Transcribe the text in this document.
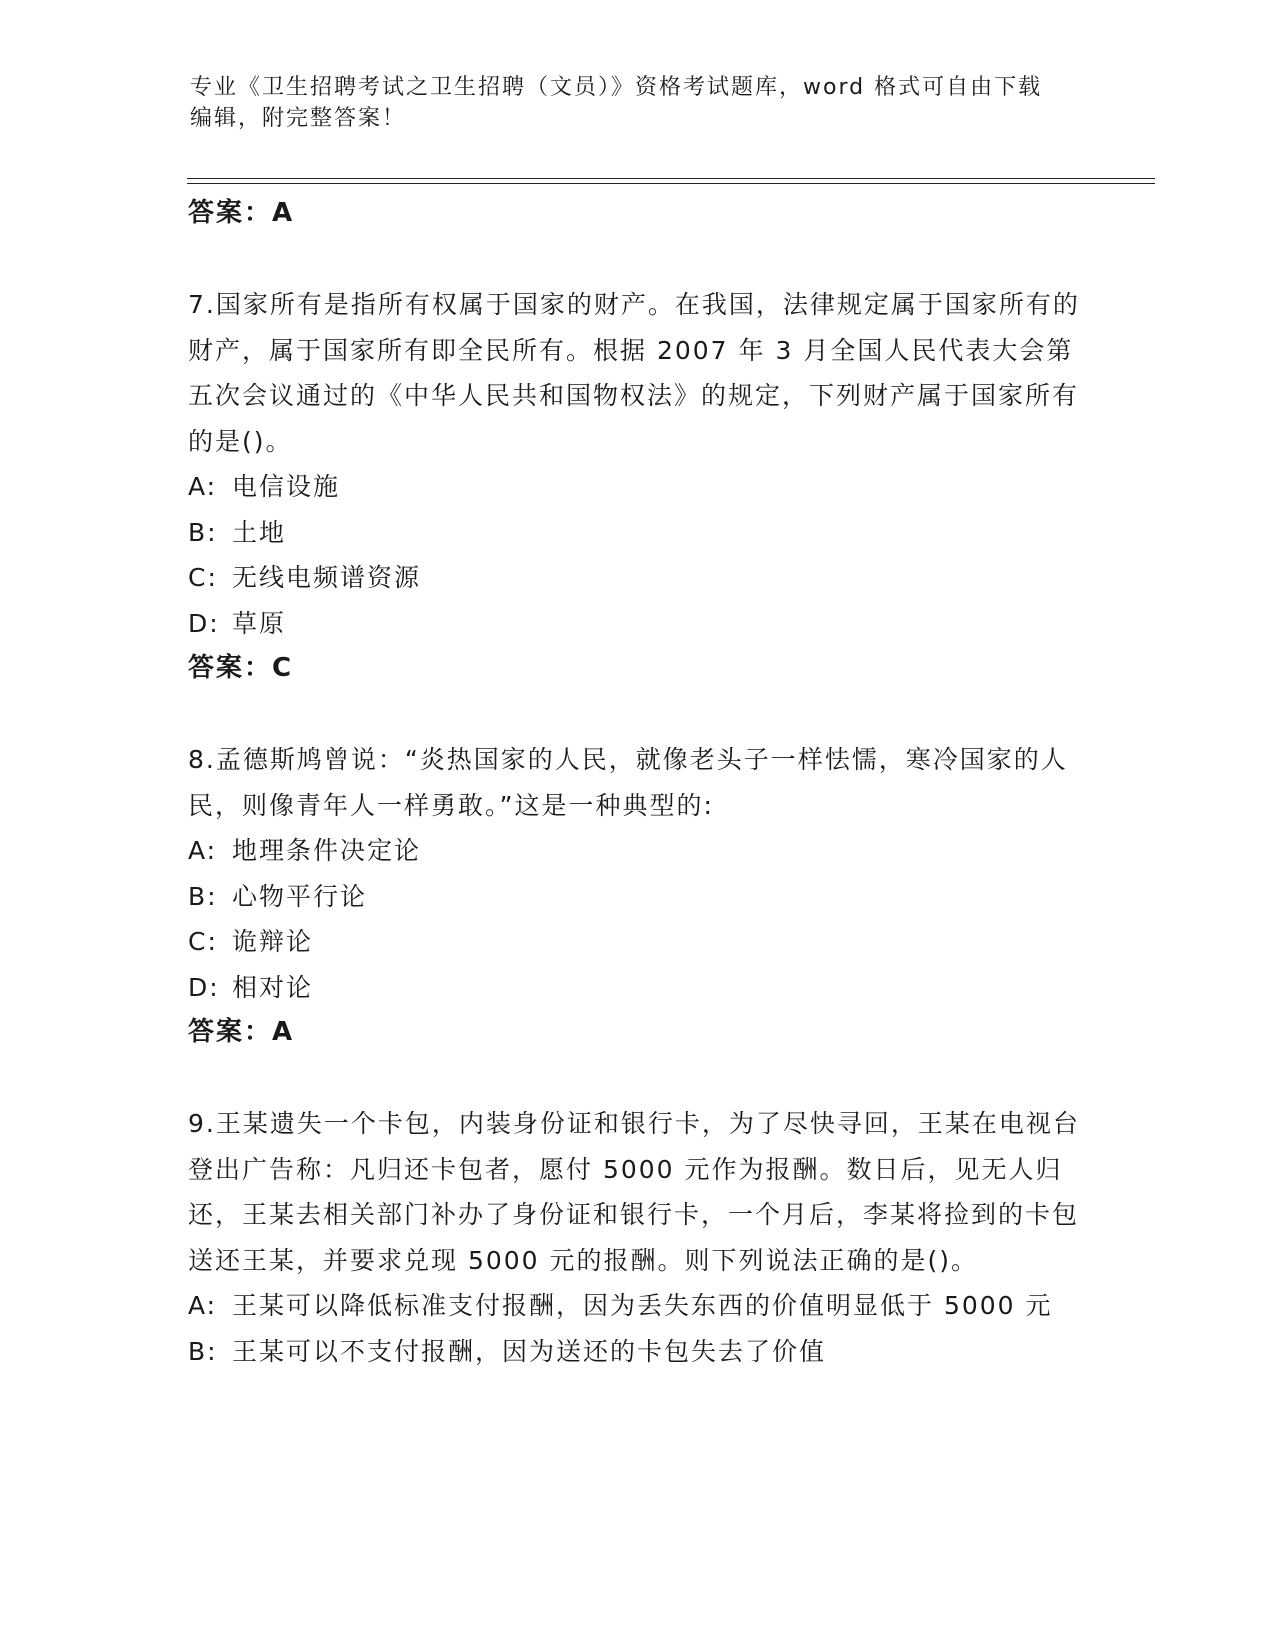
专业《卫生招聘考试之卫生招聘（文员）》资格考试题库，word 格式可自由下载
编辑，附完整答案！
答案：A
7.国家所有是指所有权属于国家的财产。在我国，法律规定属于国家所有的财产，属于国家所有即全民所有。根据 2007 年 3 月全国人民代表大会第五次会议通过的《中华人民共和国物权法》的规定，下列财产属于国家所有的是()。
A: 电信设施
B: 土地
C: 无线电频谱资源
D: 草原
答案：C
8.孟德斯鸠曾说：“炎热国家的人民，就像老头子一样怯懦，寒冷国家的人民，则像青年人一样勇敢。”这是一种典型的:
A: 地理条件决定论
B: 心物平行论
C: 诡辩论
D: 相对论
答案：A
9.王某遗失一个卡包，内装身份证和银行卡，为了尽快寻回，王某在电视台登出广告称：凡归还卡包者，愿付 5000 元作为报酬。数日后，见无人归还，王某去相关部门补办了身份证和银行卡，一个月后，李某将捡到的卡包送还王某，并要求兑现 5000 元的报酬。则下列说法正确的是()。
A: 王某可以降低标准支付报酬，因为丢失东西的价值明显低于 5000 元
B: 王某可以不支付报酬，因为送还的卡包失去了价值
